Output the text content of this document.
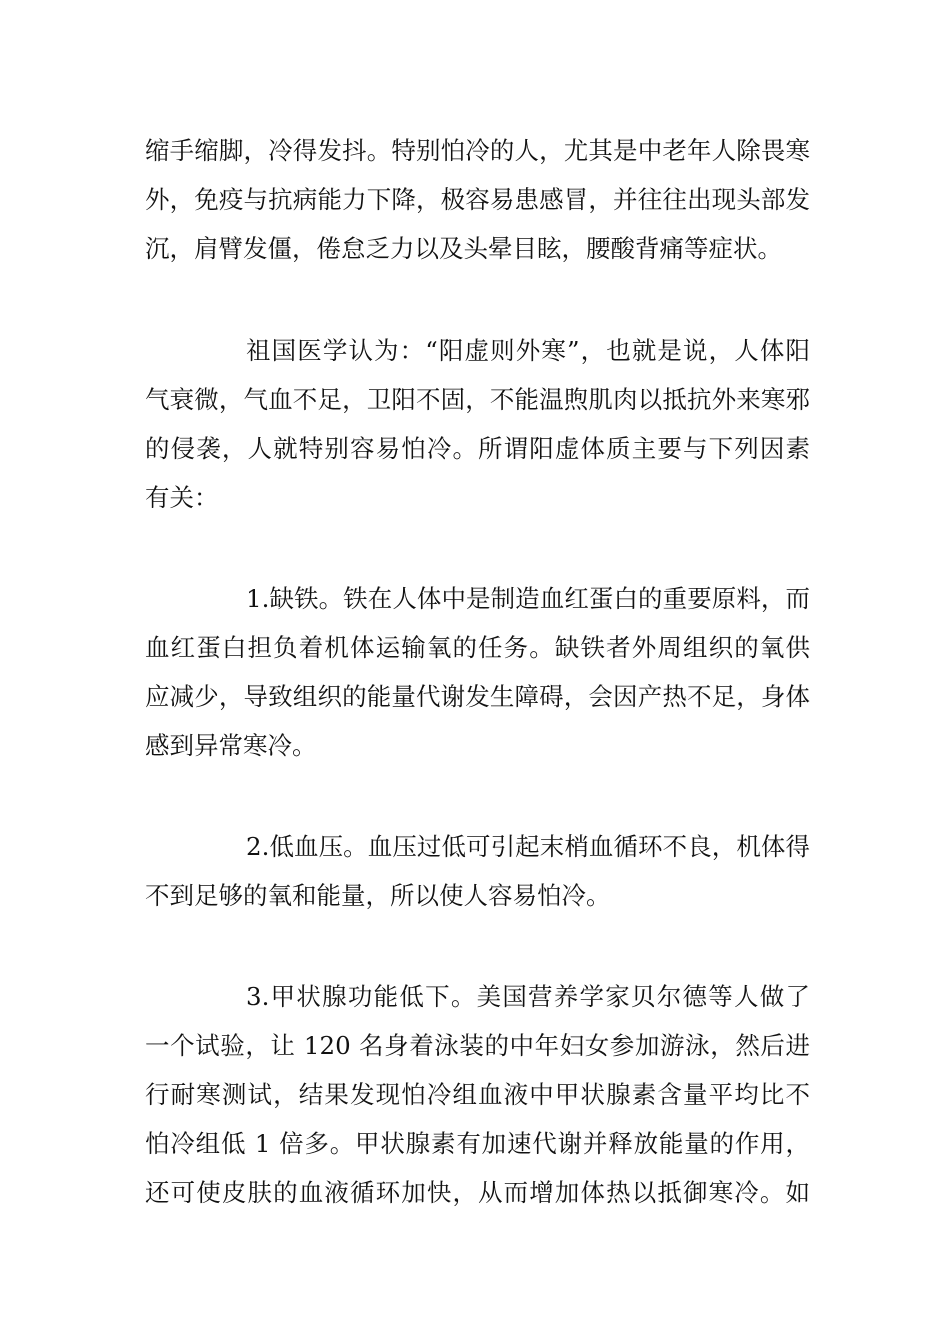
缩手缩脚，冷得发抖。特别怕冷的人，尤其是中老年人除畏寒
外，免疫与抗病能力下降，极容易患感冒，并往往出现头部发
沉，肩臂发僵，倦怠乏力以及头晕目眩，腰酸背痛等症状。
祖国医学认为：“阳虚则外寒”，也就是说，人体阳
气衰微，气血不足，卫阳不固，不能温煦肌肉以抵抗外来寒邪
的侵袭，人就特别容易怕冷。所谓阳虚体质主要与下列因素
有关：
1.缺铁。铁在人体中是制造血红蛋白的重要原料，而
血红蛋白担负着机体运输氧的任务。缺铁者外周组织的氧供
应减少，导致组织的能量代谢发生障碍，会因产热不足，身体
感到异常寒冷。
2.低血压。血压过低可引起末梢血循环不良，机体得
不到足够的氧和能量，所以使人容易怕冷。
3.甲状腺功能低下。美国营养学家贝尔德等人做了
一个试验，让 120 名身着泳装的中年妇女参加游泳，然后进
行耐寒测试，结果发现怕冷组血液中甲状腺素含量平均比不
怕冷组低 1 倍多。甲状腺素有加速代谢并释放能量的作用，
还可使皮肤的血液循环加快，从而增加体热以抵御寒冷。如
